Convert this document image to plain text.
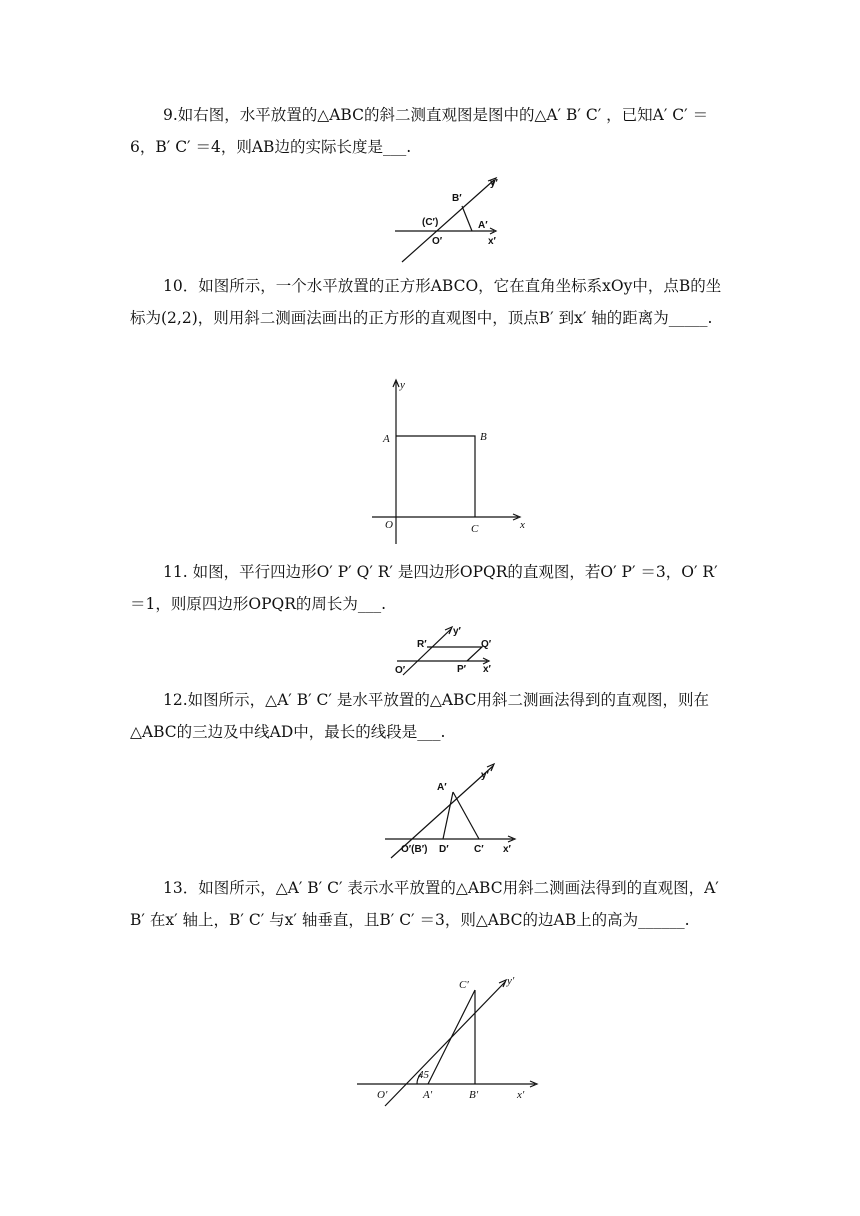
9.如右图，水平放置的△ABC的斜二测直观图是图中的△A′ B′ C′ ，已知A′ C′ ＝6，B′ C′ ＝4，则AB边的实际长度是___.

y′
B′
(C′)	A′
O′	x′

10．如图所示，一个水平放置的正方形ABCO，它在直角坐标系xOy中，点B的坐标为(2,2)，则用斜二测画法画出的正方形的直观图中，顶点B′ 到x′ 轴的距离为_____.

y
A	B
O	C	x

11. 如图，平行四边形O′ P′ Q′ R′ 是四边形OPQR的直观图，若O′ P′ ＝3，O′ R′ ＝1，则原四边形OPQR的周长为___.

y′
R′	Q′
O′	P′ x′

12.如图所示，△A′ B′ C′ 是水平放置的△ABC用斜二测画法得到的直观图，则在△ABC的三边及中线AD中，最长的线段是___.

A′
y′
O′(B′) D′	C′ x′

13．如图所示，△A′ B′ C′ 表示水平放置的△ABC用斜二测画法得到的直观图，A′ B′ 在x′ 轴上，B′ C′ 与x′ 轴垂直，且B′ C′ ＝3，则△ABC的边AB上的高为______.

C′	y′
45
O′	A′	B′	x′
